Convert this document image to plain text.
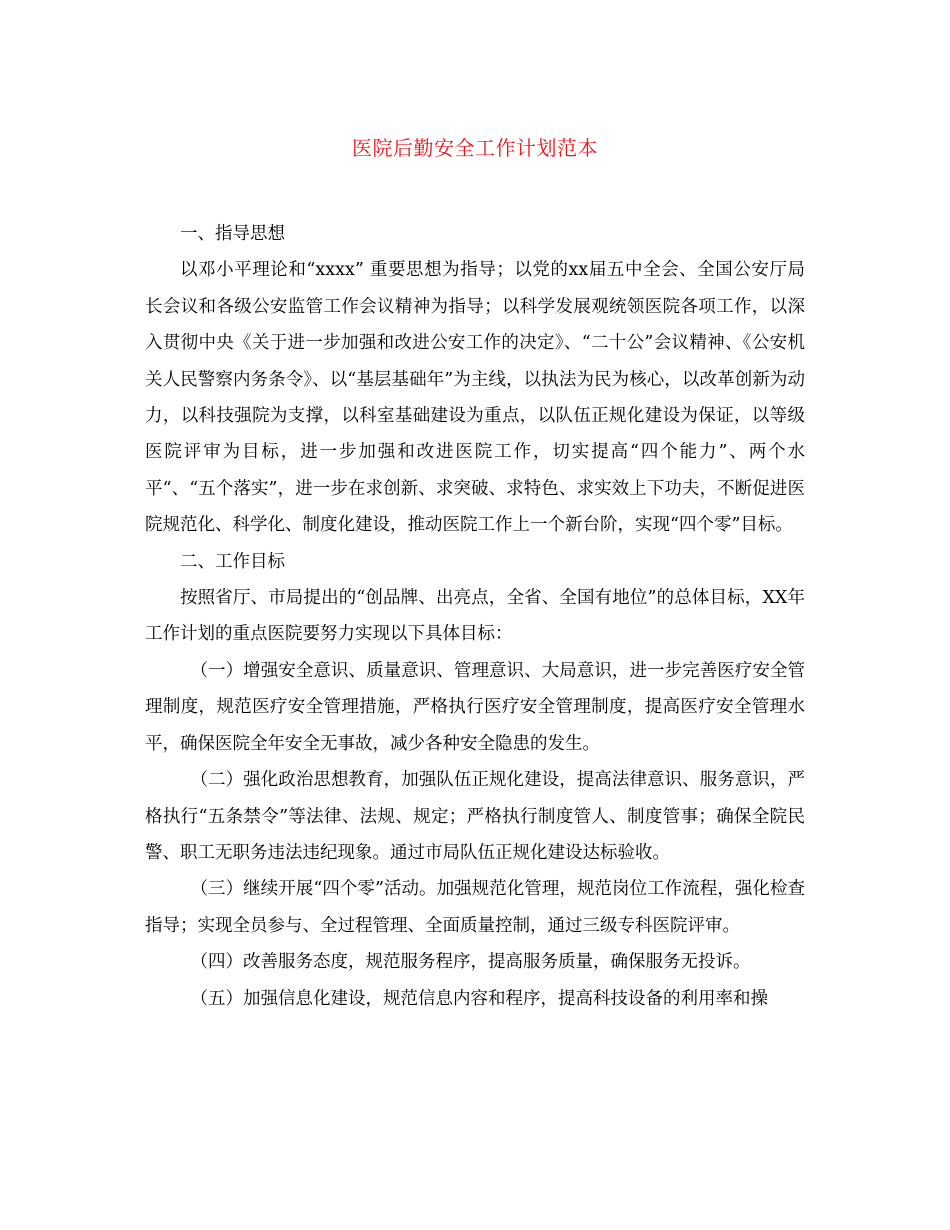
医院后勤安全工作计划范本

一、指导思想

以邓小平理论和“xxxx” 重要思想为指导；以党的xx届五中全会、全国公安厅局长会议和各级公安监管工作会议精神为指导；以科学发展观统领医院各项工作，以深入贯彻中央《关于进一步加强和改进公安工作的决定》、“二十公”会议精神、《公安机关人民警察内务条令》、以“基层基础年”为主线，以执法为民为核心，以改革创新为动力，以科技强院为支撑，以科室基础建设为重点，以队伍正规化建设为保证，以等级医院评审为目标，进一步加强和改进医院工作，切实提高“四个能力”、两个水平“、“五个落实”，进一步在求创新、求突破、求特色、求实效上下功夫，不断促进医院规范化、科学化、制度化建设，推动医院工作上一个新台阶，实现“四个零”目标。

二、工作目标

按照省厅、市局提出的“创品牌、出亮点，全省、全国有地位”的总体目标，XX年工作计划的重点医院要努力实现以下具体目标：

（一）增强安全意识、质量意识、管理意识、大局意识，进一步完善医疗安全管理制度，规范医疗安全管理措施，严格执行医疗安全管理制度，提高医疗安全管理水平，确保医院全年安全无事故，减少各种安全隐患的发生。

（二）强化政治思想教育，加强队伍正规化建设，提高法律意识、服务意识，严格执行“五条禁令”等法律、法规、规定；严格执行制度管人、制度管事；确保全院民警、职工无职务违法违纪现象。通过市局队伍正规化建设达标验收。

（三）继续开展“四个零”活动。加强规范化管理，规范岗位工作流程，强化检查指导；实现全员参与、全过程管理、全面质量控制，通过三级专科医院评审。

（四）改善服务态度，规范服务程序，提高服务质量，确保服务无投诉。

（五）加强信息化建设，规范信息内容和程序，提高科技设备的利用率和操
